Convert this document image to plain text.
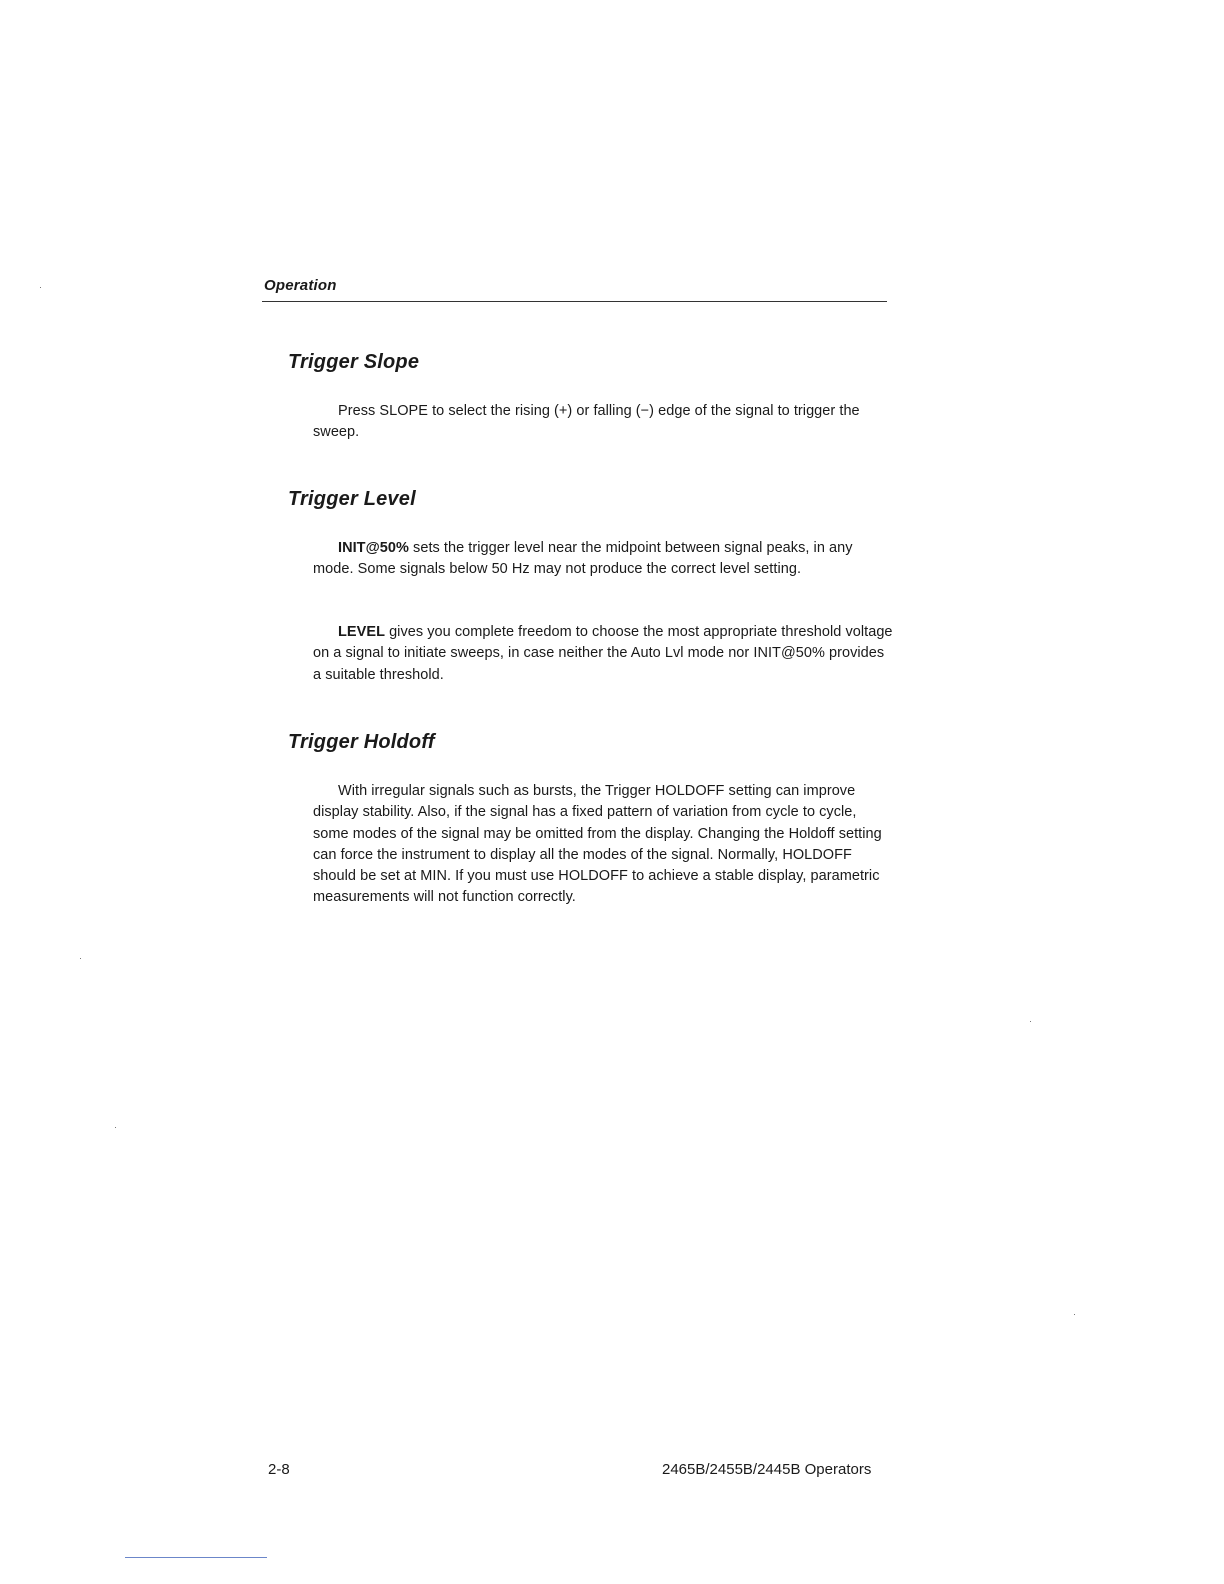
Operation
Trigger Slope

Press SLOPE to select the rising (+) or falling (−) edge of the signal to trigger the sweep.

Trigger Level

INIT@50% sets the trigger level near the midpoint between signal peaks, in any mode. Some signals below 50 Hz may not produce the correct level setting.

LEVEL gives you complete freedom to choose the most appropriate threshold voltage on a signal to initiate sweeps, in case neither the Auto Lvl mode nor INIT@50% provides a suitable threshold.

Trigger Holdoff

With irregular signals such as bursts, the Trigger HOLDOFF setting can improve display stability. Also, if the signal has a fixed pattern of variation from cycle to cycle, some modes of the signal may be omitted from the display. Changing the Holdoff setting can force the instrument to display all the modes of the signal. Normally, HOLDOFF should be set at MIN. If you must use HOLDOFF to achieve a stable display, parametric measurements will not function correctly.

2-8	2465B/2455B/2445B Operators
